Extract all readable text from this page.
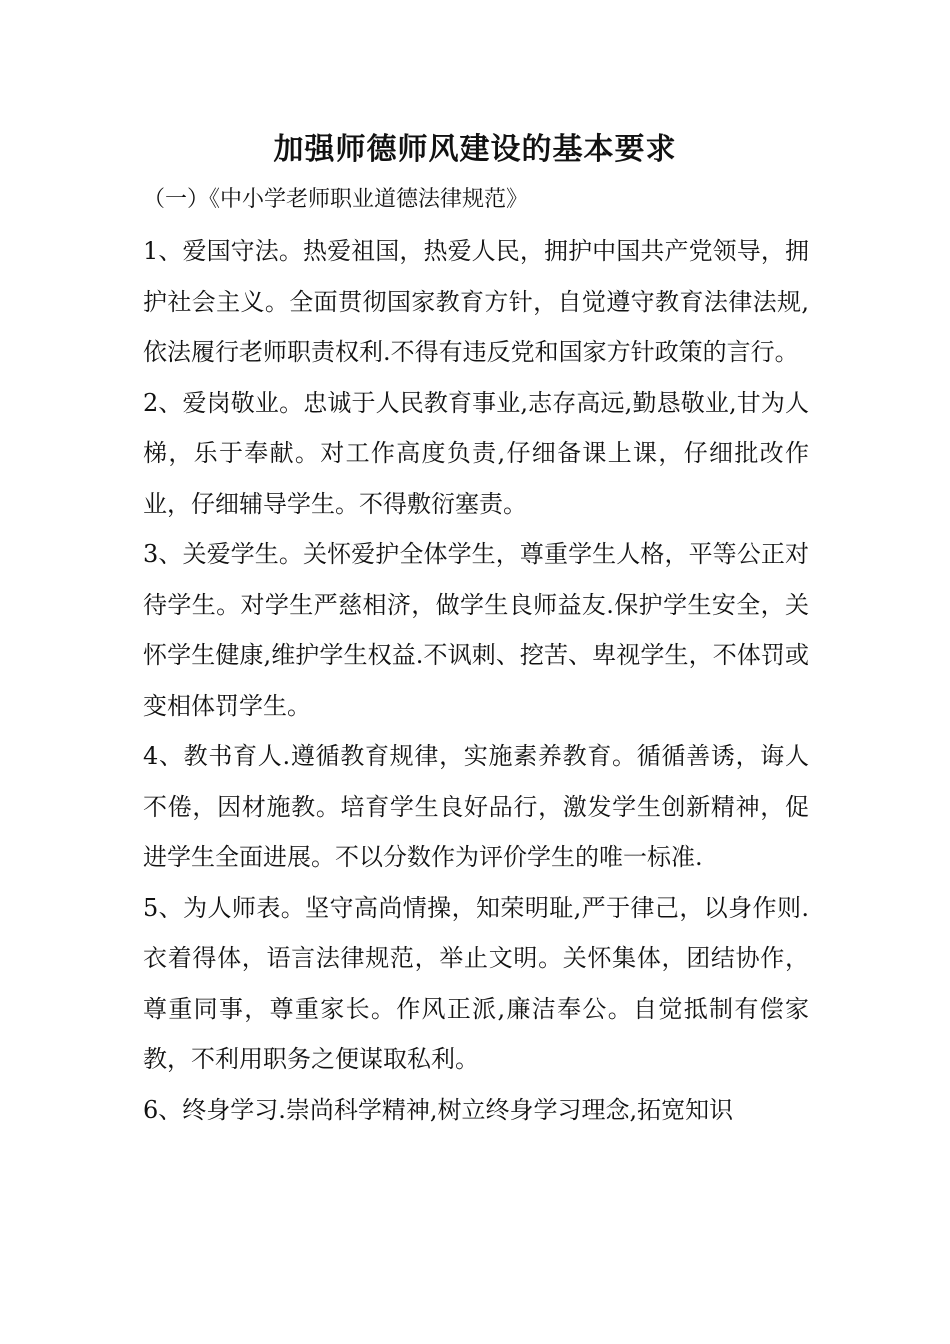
加强师德师风建设的基本要求
（一）《中小学老师职业道德法律规范》

1、爱国守法。热爱祖国，热爱人民，拥护中国共产党领导，拥护社会主义。全面贯彻国家教育方针，自觉遵守教育法律法规,依法履行老师职责权利.不得有违反党和国家方针政策的言行。

2、爱岗敬业。忠诚于人民教育事业,志存高远,勤恳敬业,甘为人梯，乐于奉献。对工作高度负责,仔细备课上课，仔细批改作业，仔细辅导学生。不得敷衍塞责。

3、关爱学生。关怀爱护全体学生，尊重学生人格，平等公正对待学生。对学生严慈相济，做学生良师益友.保护学生安全，关怀学生健康,维护学生权益.不讽刺、挖苦、卑视学生，不体罚或变相体罚学生。

4、教书育人.遵循教育规律，实施素养教育。循循善诱，诲人不倦，因材施教。培育学生良好品行，激发学生创新精神，促进学生全面进展。不以分数作为评价学生的唯一标准.

5、为人师表。坚守高尚情操，知荣明耻,严于律己，以身作则.衣着得体，语言法律规范，举止文明。关怀集体，团结协作，尊重同事，尊重家长。作风正派,廉洁奉公。自觉抵制有偿家教，不利用职务之便谋取私利。

6、终身学习.崇尚科学精神,树立终身学习理念,拓宽知识
